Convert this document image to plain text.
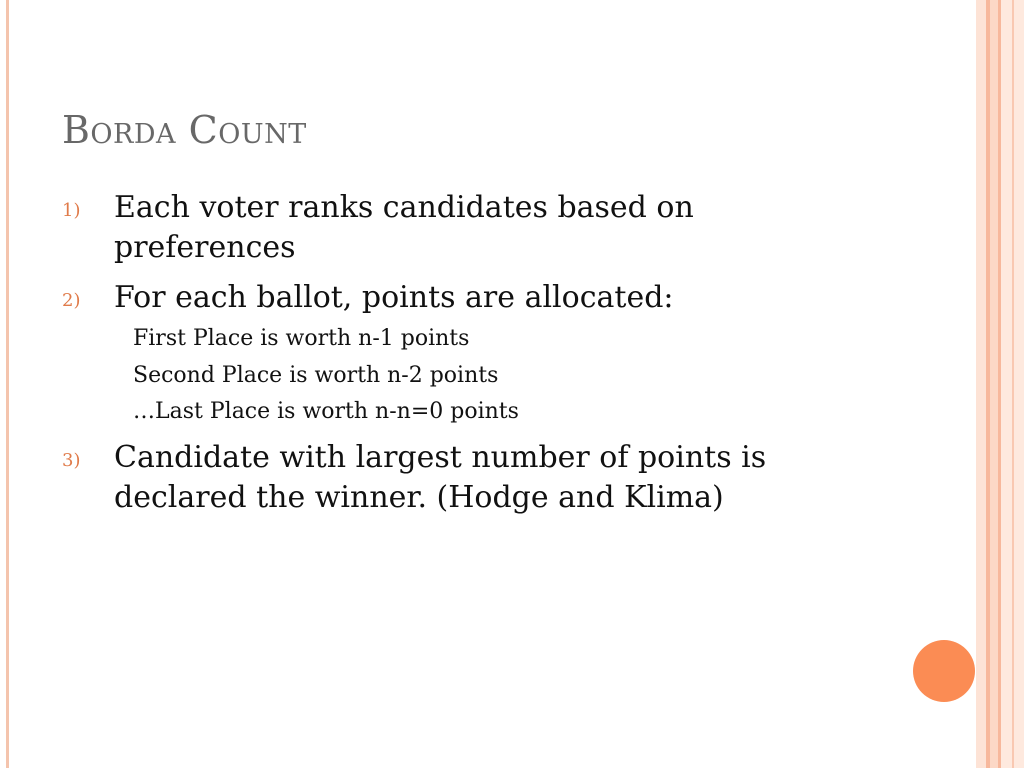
Borda Count
1) Each voter ranks candidates based on preferences
2) For each ballot, points are allocated:
First Place is worth n-1 points
Second Place is worth n-2 points
…Last Place is worth n-n=0 points
3) Candidate with largest number of points is declared the winner. (Hodge and Klima)
